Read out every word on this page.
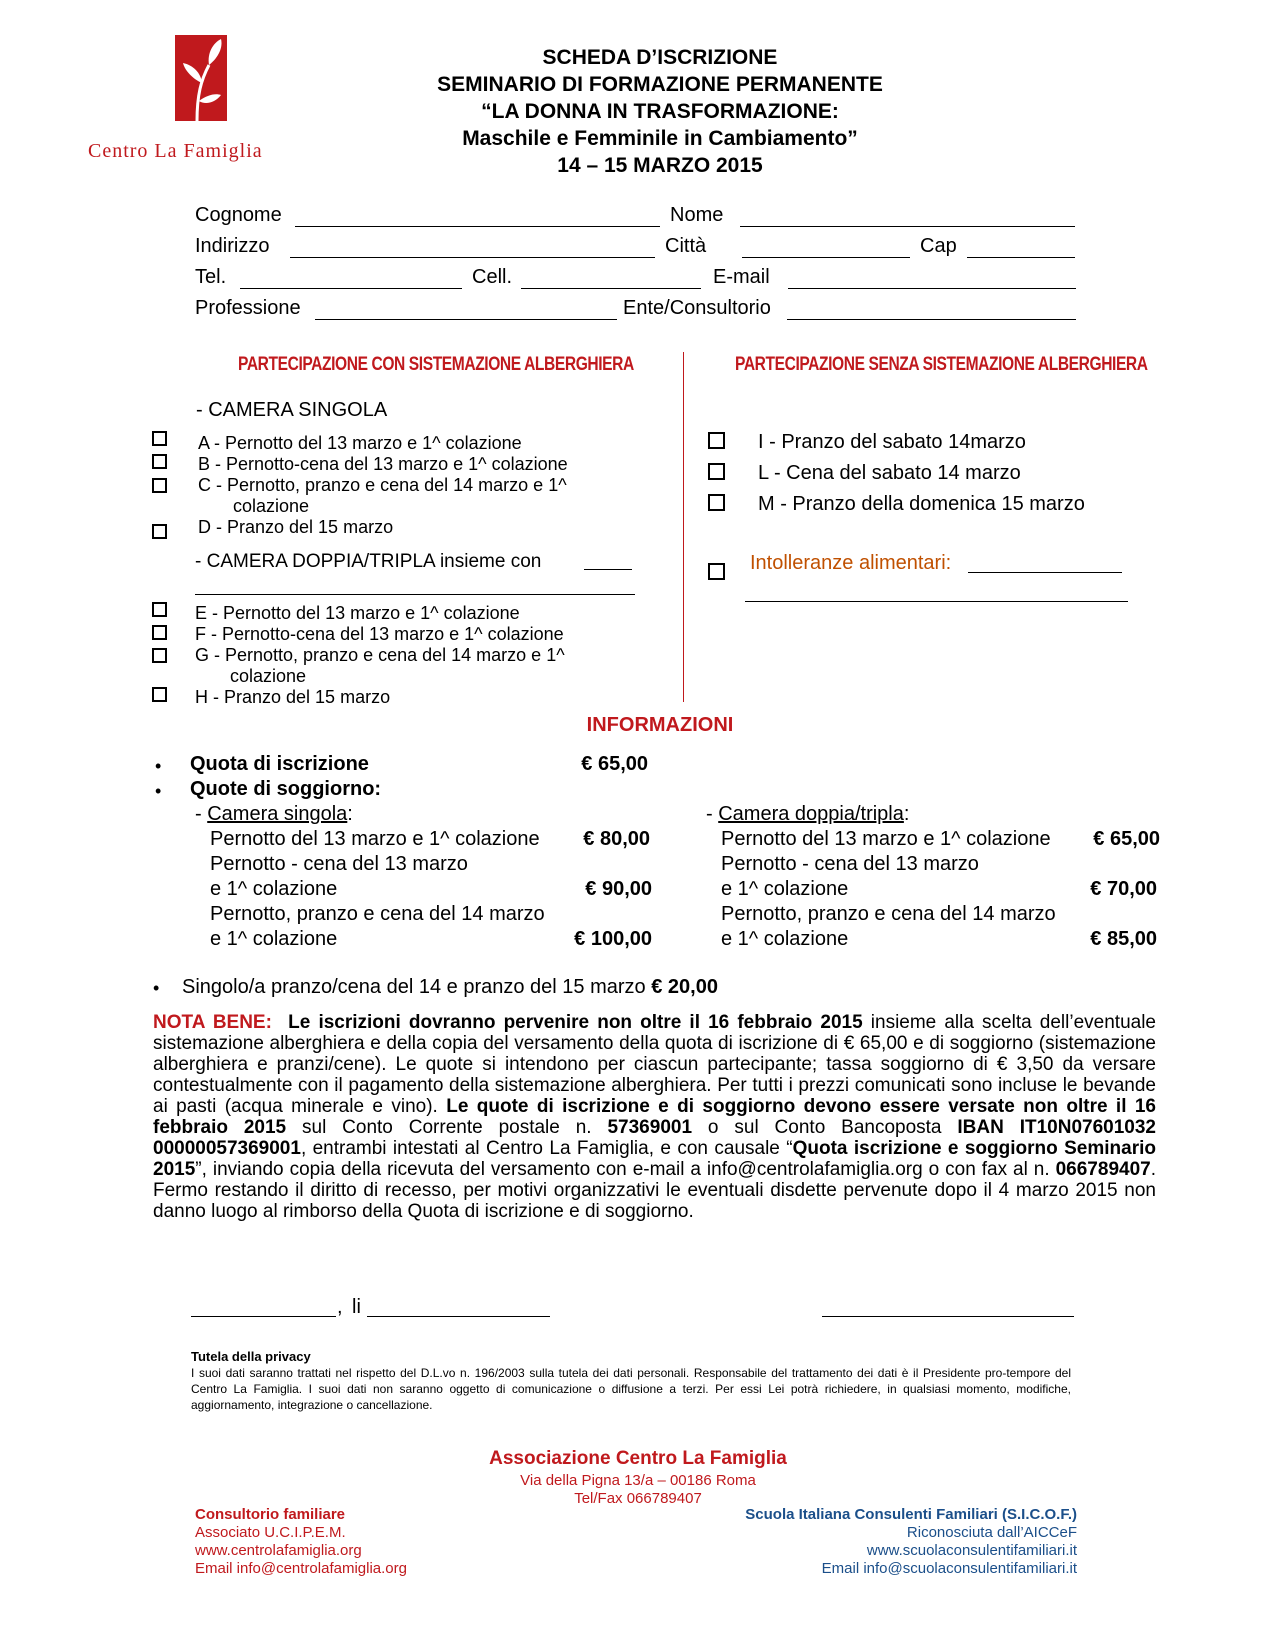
Centro La Famiglia
SCHEDA D’ISCRIZIONE
SEMINARIO DI FORMAZIONE PERMANENTE
“LA DONNA IN TRASFORMAZIONE:
Maschile e Femminile in Cambiamento”
14 – 15 MARZO 2015
Cognome	Nome
Indirizzo	Città	Cap
Tel.	Cell.	E-mail
Professione	Ente/Consultorio
PARTECIPAZIONE CON SISTEMAZIONE ALBERGHIERA	PARTECIPAZIONE SENZA SISTEMAZIONE ALBERGHIERA
- CAMERA SINGOLA
A - Pernotto del 13 marzo e 1^ colazione
B - Pernotto-cena del 13 marzo e 1^ colazione
C - Pernotto, pranzo e cena del 14 marzo e 1^
colazione
D - Pranzo del 15 marzo
- CAMERA DOPPIA/TRIPLA insieme con
E - Pernotto del 13 marzo e 1^ colazione
F - Pernotto-cena del 13 marzo e 1^ colazione
G - Pernotto, pranzo e cena del 14 marzo e 1^
colazione
H - Pranzo del 15 marzo
I - Pranzo del sabato 14marzo
L - Cena del sabato 14 marzo
M - Pranzo della domenica 15 marzo
Intolleranze alimentari:
INFORMAZIONI
• Quota di iscrizione	€ 65,00
• Quote di soggiorno:
- Camera singola:
Pernotto del 13 marzo e 1^ colazione	€ 80,00
Pernotto - cena del 13 marzo
e 1^ colazione	€ 90,00
Pernotto, pranzo e cena del 14 marzo
e 1^ colazione	€ 100,00
- Camera doppia/tripla:
Pernotto del 13 marzo e 1^ colazione	€ 65,00
Pernotto - cena del 13 marzo
e 1^ colazione	€ 70,00
Pernotto, pranzo e cena del 14 marzo
e 1^ colazione	€ 85,00
• Singolo/a pranzo/cena del 14 e pranzo del 15 marzo € 20,00
NOTA BENE: Le iscrizioni dovranno pervenire non oltre il 16 febbraio 2015 insieme alla scelta dell’eventuale sistemazione alberghiera e della copia del versamento della quota di iscrizione di € 65,00 e di soggiorno (sistemazione alberghiera e pranzi/cene). Le quote si intendono per ciascun partecipante; tassa soggiorno di € 3,50 da versare contestualmente con il pagamento della sistemazione alberghiera. Per tutti i prezzi comunicati sono incluse le bevande ai pasti (acqua minerale e vino). Le quote di iscrizione e di soggiorno devono essere versate non oltre il 16 febbraio 2015 sul Conto Corrente postale n. 57369001 o sul Conto Bancoposta IBAN IT10N07601032 00000057369001, entrambi intestati al Centro La Famiglia, e con causale “Quota iscrizione e soggiorno Seminario 2015”, inviando copia della ricevuta del versamento con e-mail a info@centrolafamiglia.org o con fax al n. 066789407. Fermo restando il diritto di recesso, per motivi organizzativi le eventuali disdette pervenute dopo il 4 marzo 2015 non danno luogo al rimborso della Quota di iscrizione e di soggiorno.
, li
Tutela della privacy
I suoi dati saranno trattati nel rispetto del D.L.vo n. 196/2003 sulla tutela dei dati personali. Responsabile del trattamento dei dati è il Presidente pro-tempore del Centro La Famiglia. I suoi dati non saranno oggetto di comunicazione o diffusione a terzi. Per essi Lei potrà richiedere, in qualsiasi momento, modifiche, aggiornamento, integrazione o cancellazione.
Associazione Centro La Famiglia
Via della Pigna 13/a – 00186 Roma
Tel/Fax 066789407
Consultorio familiare
Associato U.C.I.P.E.M.
www.centrolafamiglia.org
Email info@centrolafamiglia.org
Scuola Italiana Consulenti Familiari (S.I.C.O.F.)
Riconosciuta dall’AICCeF
www.scuolaconsulentifamiliari.it
Email info@scuolaconsulentifamiliari.it
